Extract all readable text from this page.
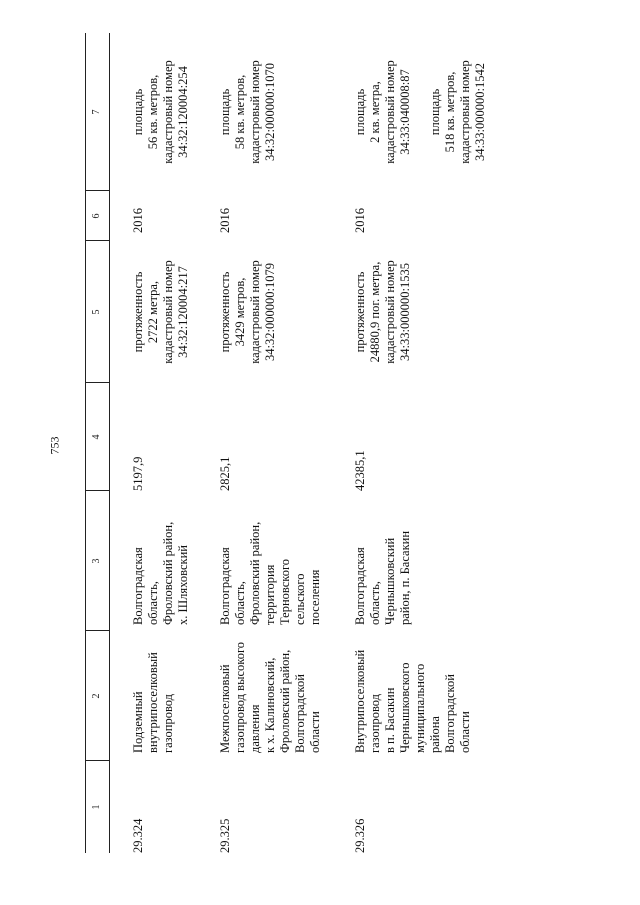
753
1
2
3
4
5
6
7
29.324
Подземный внутрипоселковый газопровод
Волгоградская область, Фроловский район, х. Шляховский
5197,9
протяженность 2722 метра, кадастровый номер 34:32:120004:217
2016
площадь 56 кв. метров, кадастровый номер 34:32:120004:254
29.325
Межпоселковый газопровод высокого давления к х. Калиновский, Фроловский район, Волгоградской области
Волгоградская область, Фроловский район, территория Терновского сельского поселения
2825,1
протяженность 3429 метров, кадастровый номер 34:32:000000:1079
2016
площадь 58 кв. метров, кадастровый номер 34:32:000000:1070
29.326
Внутрипоселковый газопровод в п. Басакин Чернышковского муниципального района Волгоградской области
Волгоградская область, Чернышковский район, п. Басакин
42385,1
протяженность 24880,9 пог. метра, кадастровый номер 34:33:000000:1535
2016
площадь 2 кв. метра, кадастровый номер 34:33:040008:87 площадь 518 кв. метров, кадастровый номер 34:33:000000:1542
